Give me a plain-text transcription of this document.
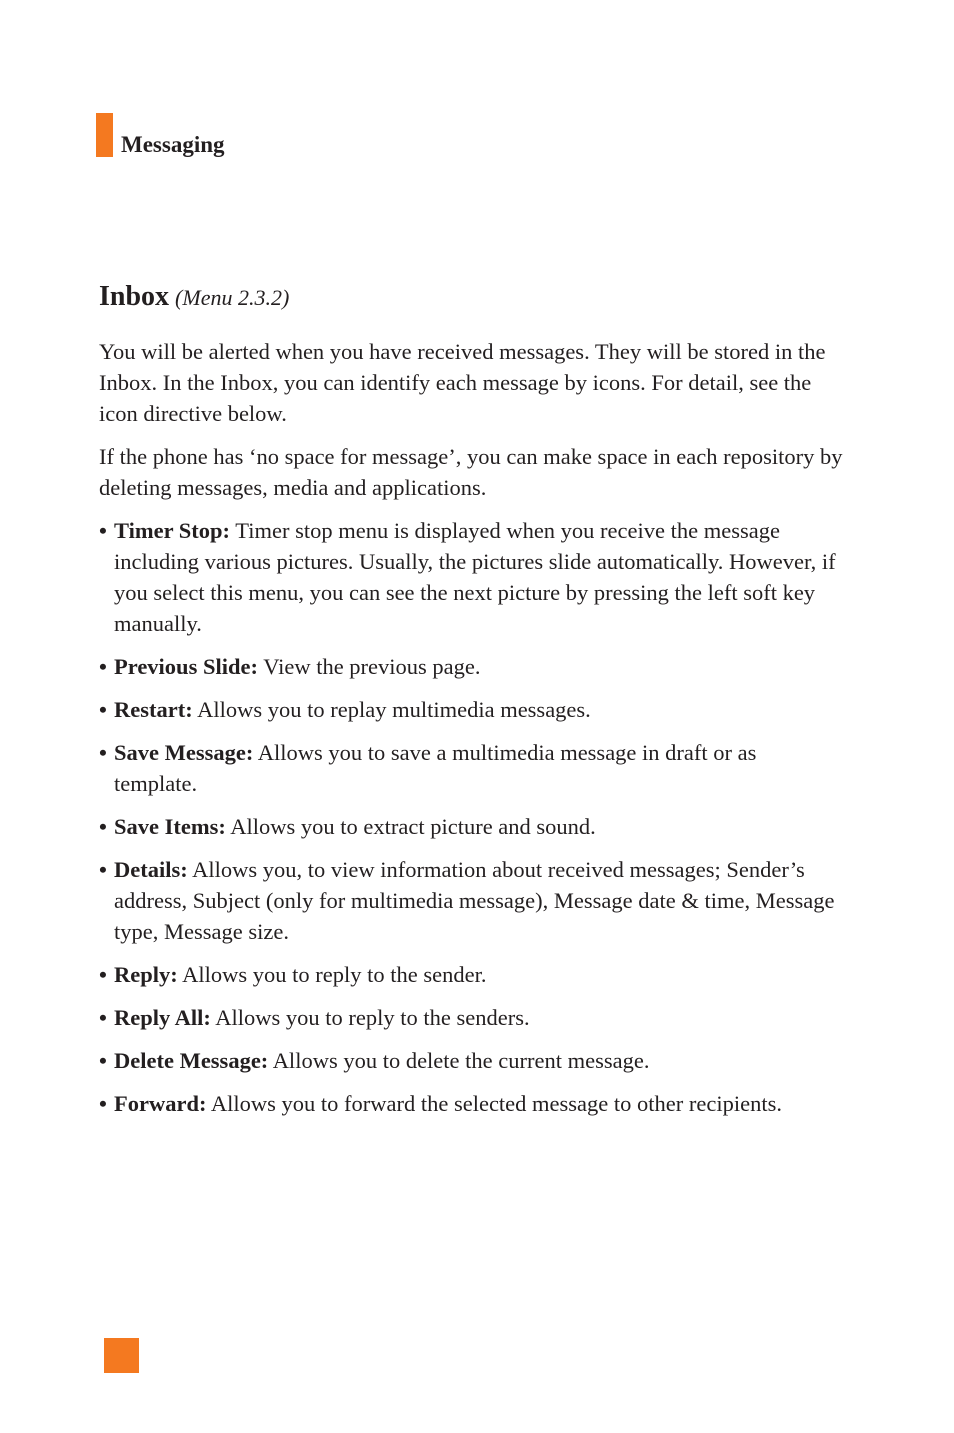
Messaging
Inbox (Menu 2.3.2)

You will be alerted when you have received messages. They will be stored in the Inbox. In the Inbox, you can identify each message by icons. For detail, see the icon directive below.

If the phone has ‘no space for message’, you can make space in each repository by deleting messages, media and applications.

• Timer Stop: Timer stop menu is displayed when you receive the message including various pictures. Usually, the pictures slide automatically. However, if you select this menu, you can see the next picture by pressing the left soft key manually.
• Previous Slide: View the previous page.
• Restart: Allows you to replay multimedia messages.
• Save Message: Allows you to save a multimedia message in draft or as template.
• Save Items: Allows you to extract picture and sound.
• Details: Allows you, to view information about received messages; Sender’s address, Subject (only for multimedia message), Message date & time, Message type, Message size.
• Reply: Allows you to reply to the sender.
• Reply All: Allows you to reply to the senders.
• Delete Message: Allows you to delete the current message.
• Forward: Allows you to forward the selected message to other recipients.
